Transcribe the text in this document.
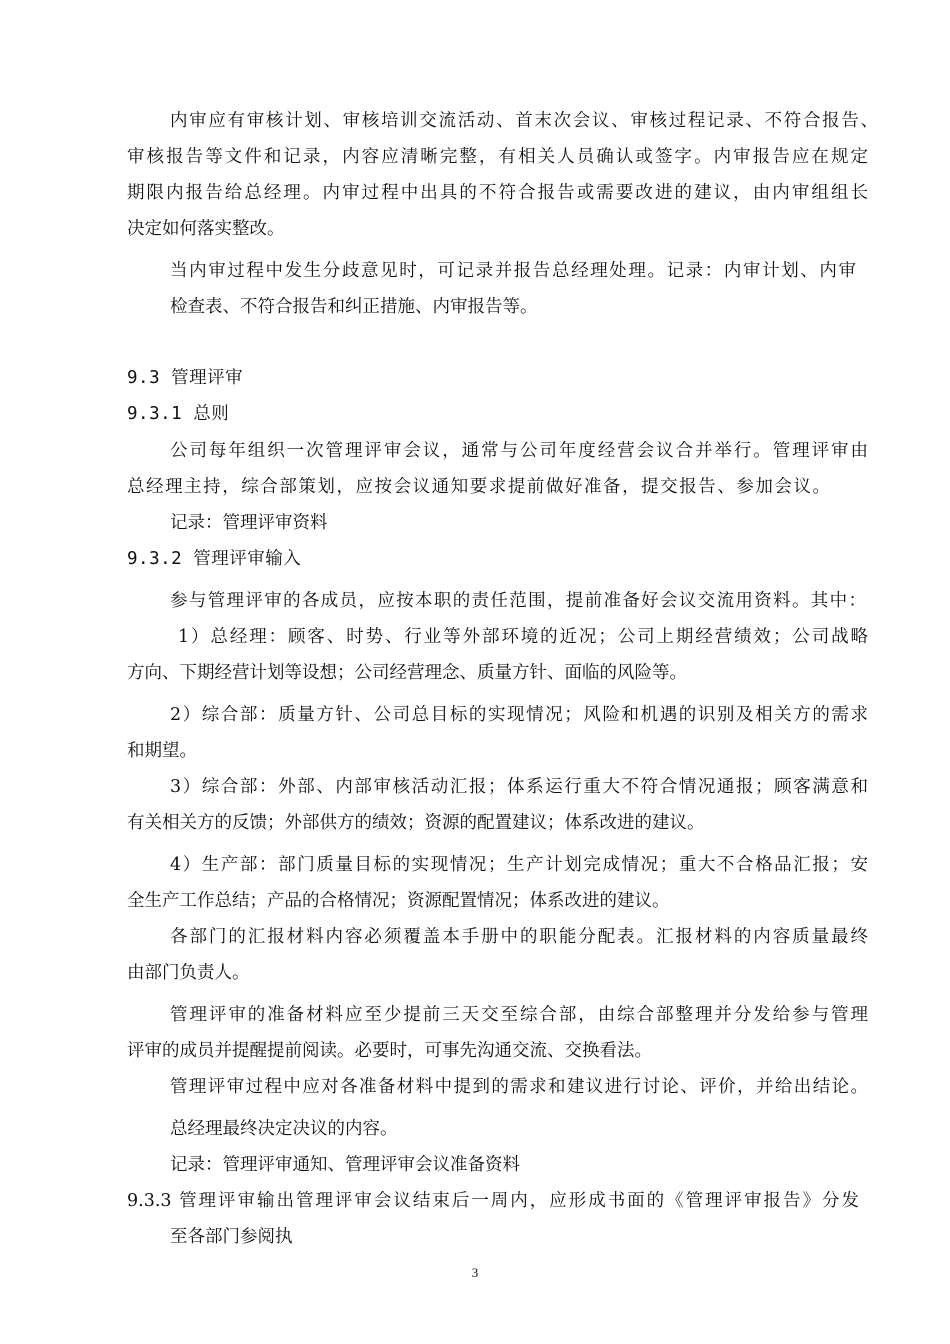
内审应有审核计划、审核培训交流活动、首末次会议、审核过程记录、不符合报告、
审核报告等文件和记录，内容应清晰完整，有相关人员确认或签字。内审报告应在规定
期限内报告给总经理。内审过程中出具的不符合报告或需要改进的建议，由内审组组长
决定如何落实整改。
当内审过程中发生分歧意见时，可记录并报告总经理处理。记录：内审计划、内审
检查表、不符合报告和纠正措施、内审报告等。
9.3 管理评审
9.3.1 总则
公司每年组织一次管理评审会议，通常与公司年度经营会议合并举行。管理评审由
总经理主持，综合部策划，应按会议通知要求提前做好准备，提交报告、参加会议。
记录：管理评审资料
9.3.2 管理评审输入
参与管理评审的各成员，应按本职的责任范围，提前准备好会议交流用资料。其中：
1）总经理：顾客、时势、行业等外部环境的近况；公司上期经营绩效；公司战略
方向、下期经营计划等设想；公司经营理念、质量方针、面临的风险等。
2）综合部：质量方针、公司总目标的实现情况；风险和机遇的识别及相关方的需求
和期望。
3）综合部：外部、内部审核活动汇报；体系运行重大不符合情况通报；顾客满意和
有关相关方的反馈；外部供方的绩效；资源的配置建议；体系改进的建议。
4）生产部：部门质量目标的实现情况；生产计划完成情况；重大不合格品汇报；安
全生产工作总结；产品的合格情况；资源配置情况；体系改进的建议。
各部门的汇报材料内容必须覆盖本手册中的职能分配表。汇报材料的内容质量最终
由部门负责人。
管理评审的准备材料应至少提前三天交至综合部，由综合部整理并分发给参与管理
评审的成员并提醒提前阅读。必要时，可事先沟通交流、交换看法。
管理评审过程中应对各准备材料中提到的需求和建议进行讨论、评价，并给出结论。
总经理最终决定决议的内容。
记录：管理评审通知、管理评审会议准备资料
9.3.3 管理评审输出管理评审会议结束后一周内，应形成书面的《管理评审报告》分发
至各部门参阅执
3
